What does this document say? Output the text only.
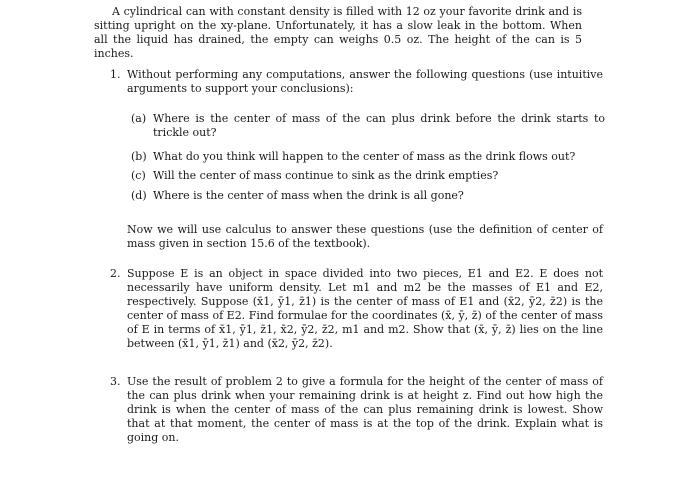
A cylindrical can with constant density is filled with 12 oz your favorite drink and is sitting upright on the xy-plane. Unfortunately, it has a slow leak in the bottom. When all the liquid has drained, the empty can weighs 0.5 oz. The height of the can is 5 inches.

1. Without performing any computations, answer the following questions (use intuitive arguments to support your conclusions):
(a) Where is the center of mass of the can plus drink before the drink starts to trickle out?
(b) What do you think will happen to the center of mass as the drink flows out?
(c) Will the center of mass continue to sink as the drink empties?
(d) Where is the center of mass when the drink is all gone?
Now we will use calculus to answer these questions (use the definition of center of mass given in section 15.6 of the textbook).
2. Suppose E is an object in space divided into two pieces, E1 and E2. E does not necessarily have uniform density. Let m1 and m2 be the masses of E1 and E2, respectively. Suppose (x̄1, ȳ1, z̄1) is the center of mass of E1 and (x̄2, ȳ2, z̄2) is the center of mass of E2. Find formulae for the coordinates (x̄, ȳ, z̄) of the center of mass of E in terms of x̄1, ȳ1, z̄1, x̄2, ȳ2, z̄2, m1 and m2. Show that (x̄, ȳ, z̄) lies on the line between (x̄1, ȳ1, z̄1) and (x̄2, ȳ2, z̄2).
3. Use the result of problem 2 to give a formula for the height of the center of mass of the can plus drink when your remaining drink is at height z. Find out how high the drink is when the center of mass of the can plus remaining drink is lowest. Show that at that moment, the center of mass is at the top of the drink. Explain what is going on.
